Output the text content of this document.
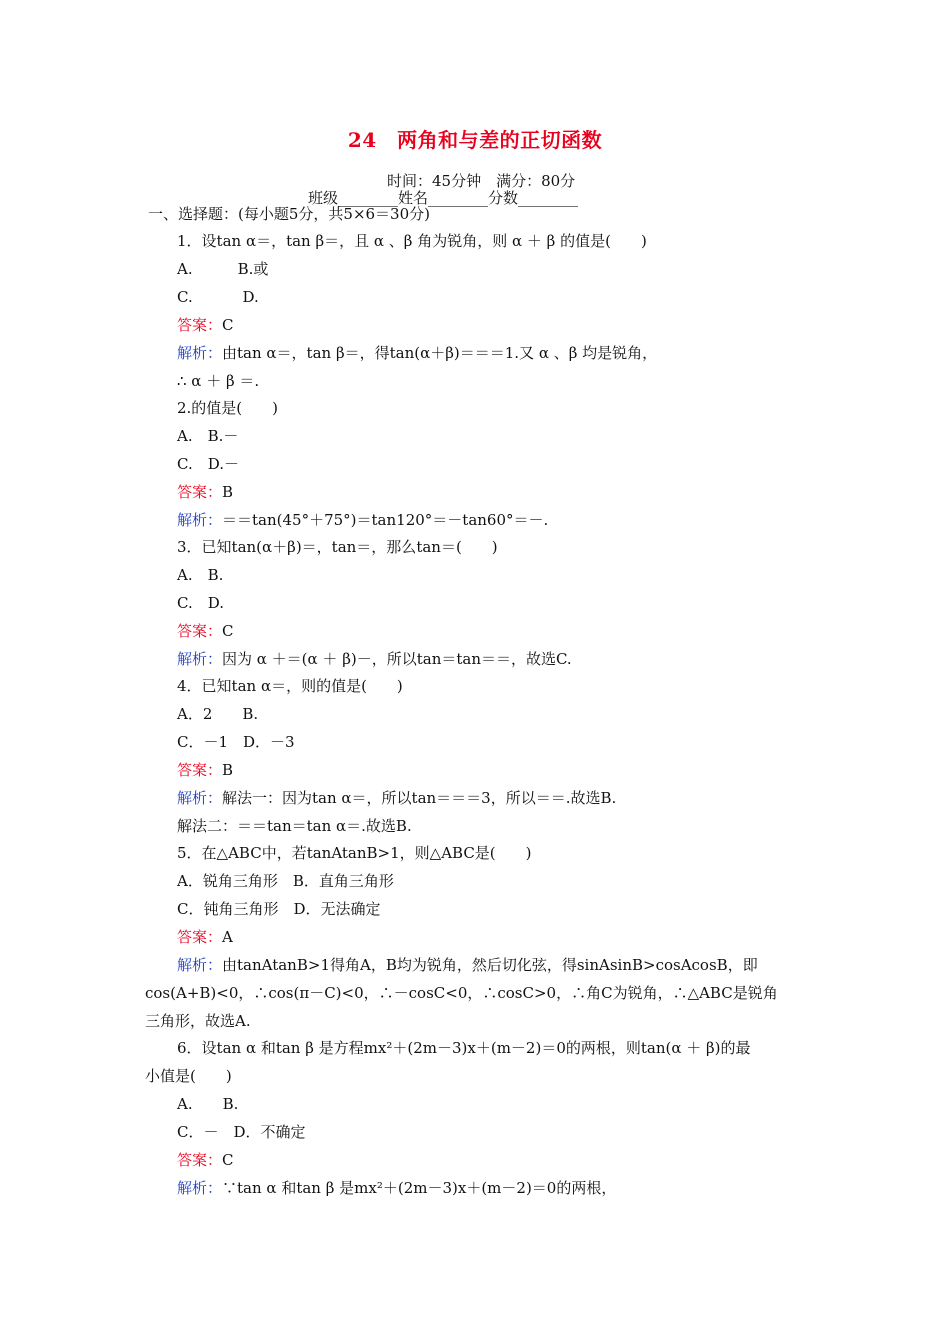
24　两角和与差的正切函数
时间：45分钟　满分：80分
班级________姓名________分数________
一、选择题：(每小题5分，共5×6＝30分)
1．设tan α＝，tan β＝，且 α 、β 角为锐角，则 α ＋ β 的值是(　　)
A.　　　B.或
C.　　　 D.
答案：C
解析：由tan α＝，tan β＝，得tan(α＋β)＝＝＝1.又 α 、β 均是锐角，
∴ α ＋ β ＝.
2.的值是(　　)
A.　B.－
C.　D.－
答案：B
解析：＝＝tan(45°＋75°)＝tan120°＝－tan60°＝－.
3．已知tan(α＋β)＝，tan＝，那么tan＝(　　)
A.　B.
C.　D.
答案：C
解析：因为 α ＋＝(α ＋ β)－，所以tan＝tan＝＝，故选C.
4．已知tan α＝，则的值是(　　)
A．2　　B.
C．－1　D．－3
答案：B
解析：解法一：因为tan α＝，所以tan＝＝＝3，所以＝＝.故选B.
解法二：＝＝tan＝tan α＝.故选B.
5．在△ABC中，若tanAtanB>1，则△ABC是(　　)
A．锐角三角形　B．直角三角形
C．钝角三角形　D．无法确定
答案：A
解析：由tanAtanB>1得角A，B均为锐角，然后切化弦，得sinAsinB>cosAcosB，即
cos(A+B)<0，∴cos(π－C)<0，∴－cosC<0，∴cosC>0，∴角C为锐角，∴△ABC是锐角
三角形，故选A.
6．设tan α 和tan β 是方程mx²＋(2m－3)x＋(m－2)＝0的两根，则tan(α ＋ β)的最
小值是(　　)
A.　　B.
C．－　D．不确定
答案：C
解析：∵tan α 和tan β 是mx²＋(2m－3)x＋(m－2)＝0的两根，
